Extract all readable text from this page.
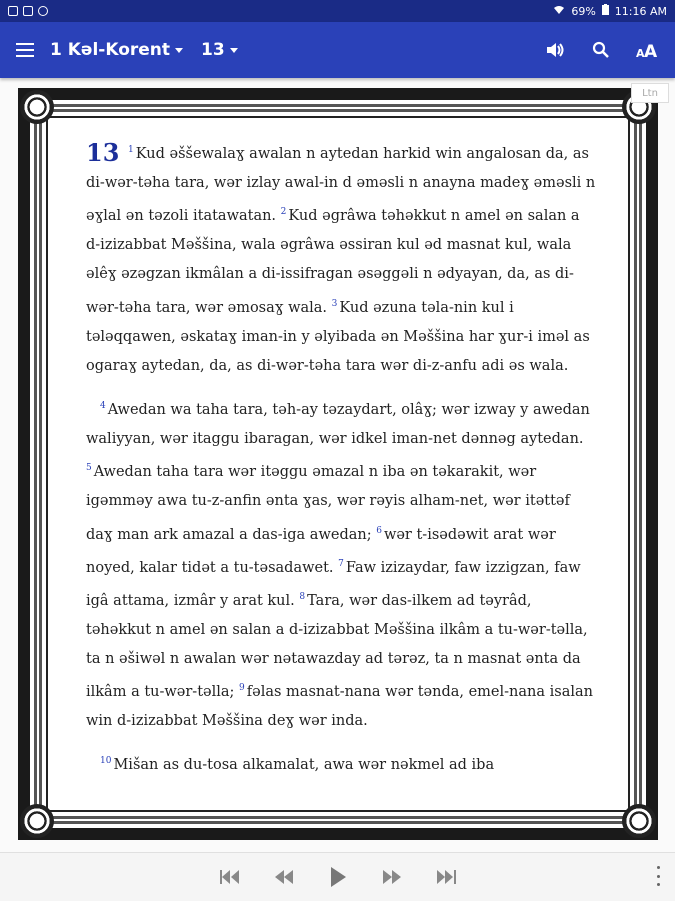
69% 11:16 AM
1 Kəl-Korent 13	A A
Ltn

13 $^1$ Kud əššewalaɣ awalan n aytedan harkid win angalosan da, as di-wər-təha tara, wər izlay awal-in d əməsli n anayna madeɣ əməsli n əɣlal ən təzoli itatawatan. $^2$ Kud əgrâwa təhəkkut n amel ən salan a d-izizabbat Məššina, wala əgrâwa əssiran kul əd masnat kul, wala əlêɣ əzəgzan ikmâlan a di-issifragan əsəggəli n ədyayan, da, as di-wər-təha tara, wər əmosaɣ wala. $^3$ Kud əzuna təla-nin kul i tələqqawen, əskataɣ iman-in y əlyibada ən Məššina har ɣur-i iməl as ogaraɣ aytedan, da, as di-wər-təha tara wər di-z-anfu adi əs wala.

$^4$ Awedan wa taha tara, təh-ay təzaydart, olâɣ; wər izway y awedan waliyyan, wər itaggu ibaragan, wər idkel iman-net dənnəg aytedan. $^5$ Awedan taha tara wər itəggu əmazal n iba ən təkarakit, wər igəmməy awa tu-z-anfin ənta ɣas, wər rəyis alham-net, wər itəttəf daɣ man ark amazal a das-iga awedan; $^6$ wər t-isədəwit arat wər noyed, kalar tidət a tu-təsadawet. $^7$ Faw izizaydar, faw izzigzan, faw igâ attama, izmâr y arat kul. $^8$ Tara, wər das-ilkem ad təyrâd, təhəkkut n amel ən salan a d-izizabbat Məššina ilkâm a tu-wər-təlla, ta n əšiwəl n awalan wər nətawazday ad tərəz, ta n masnat ənta da ilkâm a tu-wər-təlla; $^9$ fəlas masnat-nana wər tənda, emel-nana isalan win d-izizabbat Məššina deɣ wər inda.

$^{10}$ Mišan as du-tosa alkamalat, awa wər nəkmel ad iba
